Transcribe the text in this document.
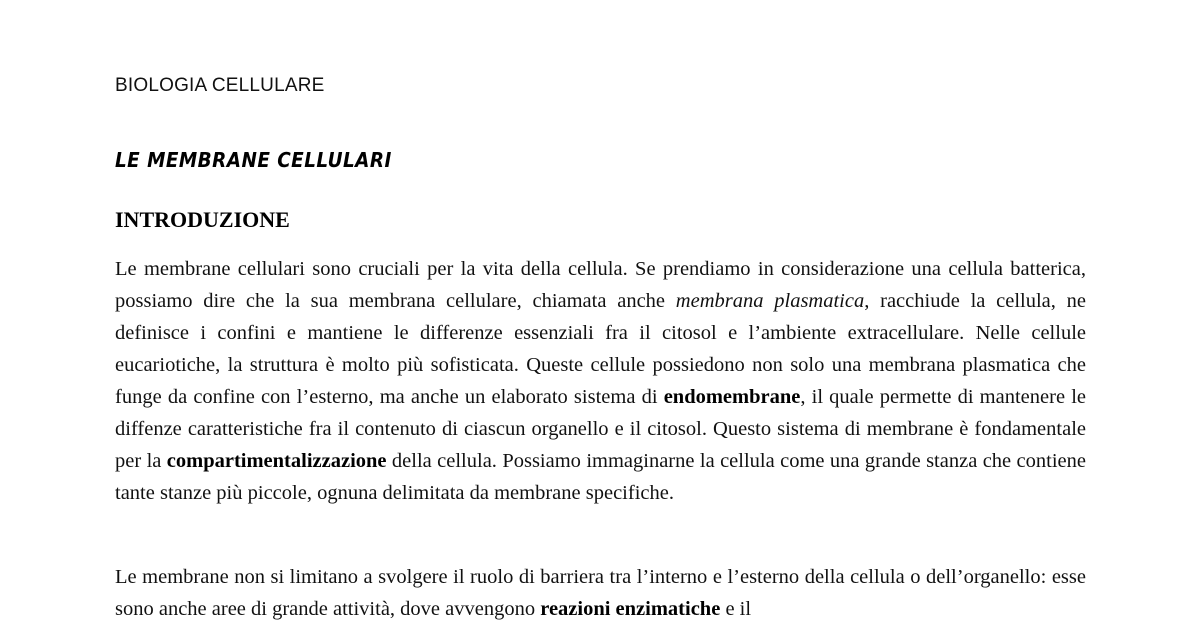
BIOLOGIA CELLULARE
LE MEMBRANE CELLULARI
INTRODUZIONE

Le membrane cellulari sono cruciali per la vita della cellula. Se prendiamo in considerazione una cellula batterica, possiamo dire che la sua membrana cellulare, chiamata anche membrana plasmatica, racchiude la cellula, ne definisce i confini e mantiene le differenze essenziali fra il citosol e l’ambiente extracellulare. Nelle cellule eucariotiche, la struttura è molto più sofisticata. Queste cellule possiedono non solo una membrana plasmatica che funge da confine con l’esterno, ma anche un elaborato sistema di endomembrane, il quale permette di mantenere le diffenze caratteristiche fra il contenuto di ciascun organello e il citosol. Questo sistema di membrane è fondamentale per la compartimentalizzazione della cellula. Possiamo immaginarne la cellula come una grande stanza che contiene tante stanze più piccole, ognuna delimitata da membrane specifiche.

Le membrane non si limitano a svolgere il ruolo di barriera tra l’interno e l’esterno della cellula o dell’organello: esse sono anche aree di grande attività, dove avvengono reazioni enzimatiche e il
